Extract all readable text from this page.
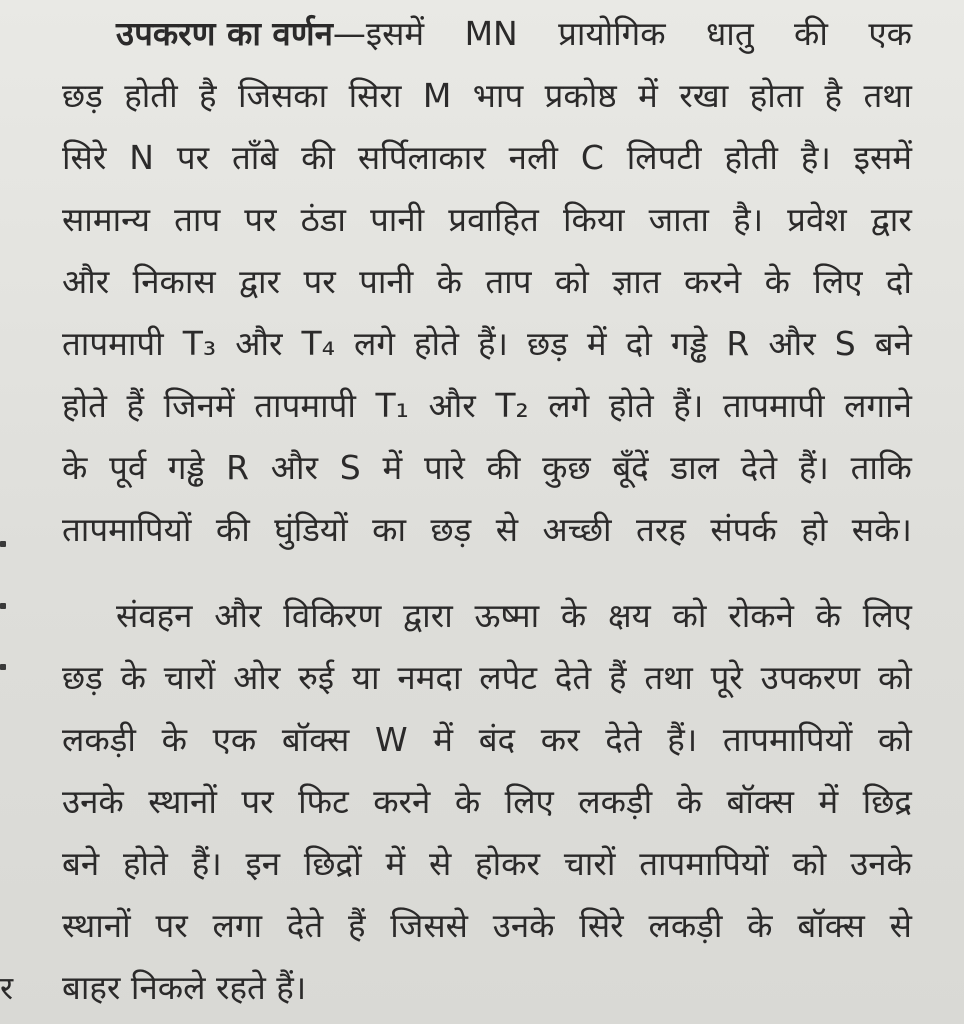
उपकरण का वर्णन—इसमें MN प्रायोगिक धातु की एक
छड़ होती है जिसका सिरा M भाप प्रकोष्ठ में रखा होता है तथा
सिरे N पर ताँबे की सर्पिलाकार नली C लिपटी होती है। इसमें
सामान्य ताप पर ठंडा पानी प्रवाहित किया जाता है। प्रवेश द्वार
और निकास द्वार पर पानी के ताप को ज्ञात करने के लिए दो
तापमापी T₃ और T₄ लगे होते हैं। छड़ में दो गड्ढे R और S बने
होते हैं जिनमें तापमापी T₁ और T₂ लगे होते हैं। तापमापी लगाने
के पूर्व गड्ढे R और S में पारे की कुछ बूँदें डाल देते हैं। ताकि
तापमापियों की घुंडियों का छड़ से अच्छी तरह संपर्क हो सके।
संवहन और विकिरण द्वारा ऊष्मा के क्षय को रोकने के लिए
छड़ के चारों ओर रुई या नमदा लपेट देते हैं तथा पूरे उपकरण को
लकड़ी के एक बॉक्स W में बंद कर देते हैं। तापमापियों को
उनके स्थानों पर फिट करने के लिए लकड़ी के बॉक्स में छिद्र
बने होते हैं। इन छिद्रों में से होकर चारों तापमापियों को उनके
स्थानों पर लगा देते हैं जिससे उनके सिरे लकड़ी के बॉक्स से
बाहर निकले रहते हैं।
र
